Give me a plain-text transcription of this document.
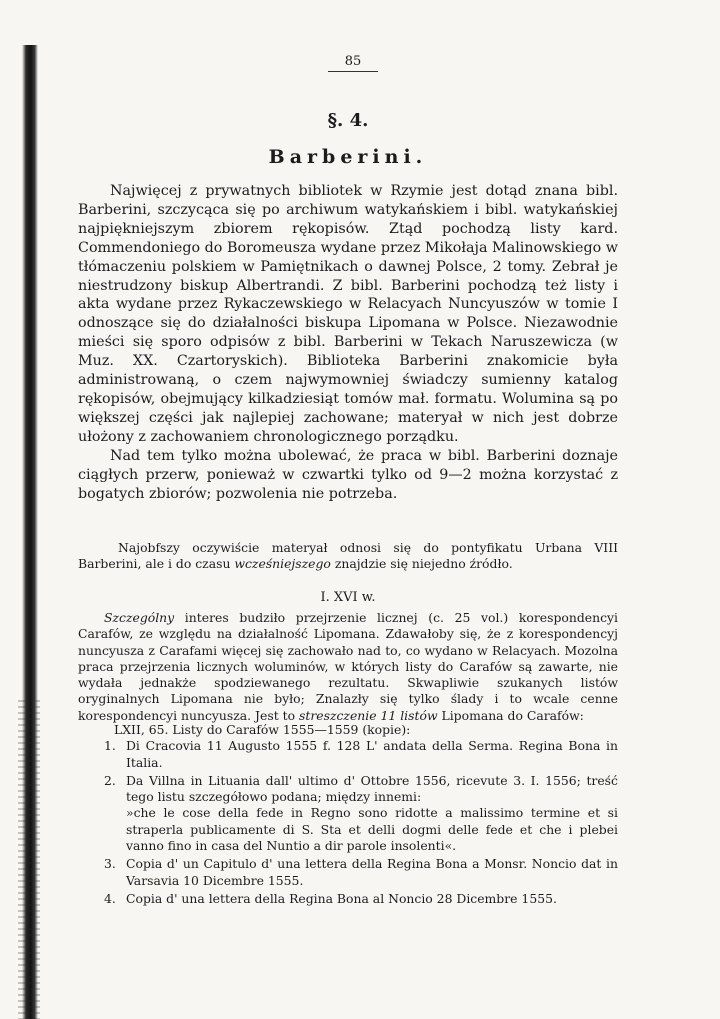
85
§. 4.
Barberini.

Najwięcej z prywatnych bibliotek w Rzymie jest dotąd znana bibl. Barberini, szczycąca się po archiwum watykańskiem i bibl. watykańskiej najpiękniejszym zbiorem rękopisów. Ztąd pochodzą listy kard. Commendoniego do Boromeusza wydane przez Mikołaja Malinowskiego w tłómaczeniu polskiem w Pamiętnikach o dawnej Polsce, 2 tomy. Zebrał je niestrudzony biskup Albertrandi. Z bibl. Barberini pochodzą też listy i akta wydane przez Rykaczewskiego w Relacyach Nuncyuszów w tomie I odnoszące się do działalności biskupa Lipomana w Polsce. Niezawodnie mieści się sporo odpisów z bibl. Barberini w Tekach Naruszewicza (w Muz. XX. Czartoryskich). Biblioteka Barberini znakomicie była administrowaną, o czem najwymowniej świadczy sumienny katalog rękopisów, obejmujący kilkadziesiąt tomów mał. formatu. Wolumina są po większej części jak najlepiej zachowane; materyał w nich jest dobrze ułożony z zachowaniem chronologicznego porządku.

Nad tem tylko można ubolewać, że praca w bibl. Barberini doznaje ciągłych przerw, ponieważ w czwartki tylko od 9—2 można korzystać z bogatych zbiorów; pozwolenia nie potrzeba.

Najobfszy oczywiście materyał odnosi się do pontyfikatu Urbana VIII Barberini, ale i do czasu wcześniejszego znajdzie się niejedno źródło.

I. XVI w.

Szczególny interes budziło przejrzenie licznej (c. 25 vol.) korespondencyi Carafów, ze względu na działalność Lipomana. Zdawałoby się, że z korespondencyj nuncyusza z Carafami więcej się zachowało nad to, co wydano w Relacyach. Mozolna praca przejrzenia licznych woluminów, w których listy do Carafów są zawarte, nie wydała jednakże spodziewanego rezultatu. Skwapliwie szukanych listów oryginalnych Lipomana nie było; Znalazły się tylko ślady i to wcale cenne korespondencyi nuncyusza. Jest to streszczenie 11 listów Lipomana do Carafów:

LXII, 65. Listy do Carafów 1555—1559 (kopie):

1. Di Cracovia 11 Augusto 1555 f. 128 L' andata della Serma. Regina Bona in Italia.
2. Da Villna in Lituania dall' ultimo d' Ottobre 1556, ricevute 3. I. 1556; treść tego listu szczegółowo podana; między innemi:
»che le cose della fede in Regno sono ridotte a malissimo termine et si straperla publicamente di S. Sta et delli dogmi delle fede et che i plebei vanno fino in casa del Nuntio a dir parole insolenti«.
3. Copia d' un Capitulo d' una lettera della Regina Bona a Monsr. Noncio dat in Varsavia 10 Dicembre 1555.
4. Copia d' una lettera della Regina Bona al Noncio 28 Dicembre 1555.
